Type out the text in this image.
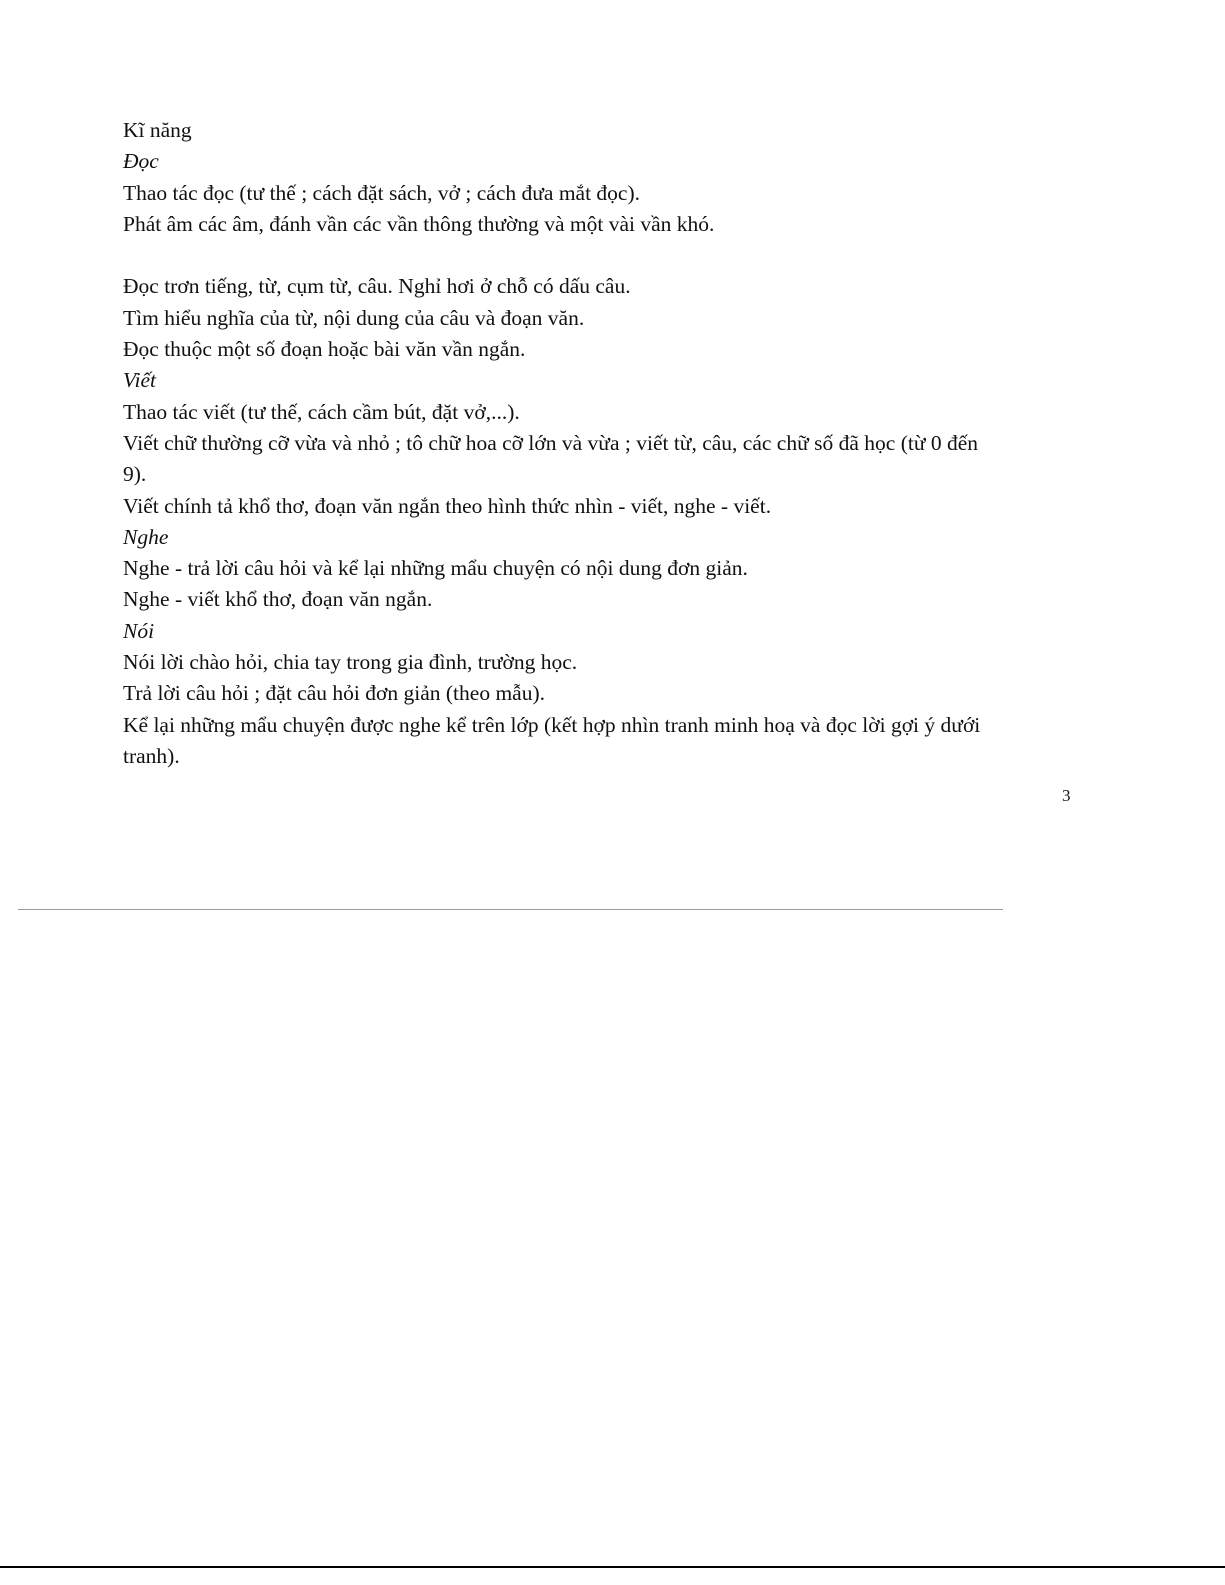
Kĩ năng
Đọc
Thao tác đọc (tư thế ; cách đặt sách, vở ; cách đưa mắt đọc).
Phát âm các âm, đánh vần các vần thông thường và một vài vần khó.
Đọc trơn tiếng, từ, cụm từ, câu. Nghỉ hơi ở chỗ có dấu câu.
Tìm hiểu nghĩa của từ, nội dung của câu và đoạn văn.
Đọc thuộc một số đoạn hoặc bài văn vần ngắn.
Viết
Thao tác viết (tư thế, cách cầm bút, đặt vở,...).
Viết chữ thường cỡ vừa và nhỏ ; tô chữ hoa cỡ lớn và vừa ; viết từ, câu, các chữ số đã học (từ 0 đến
9).
Viết chính tả khổ thơ, đoạn văn ngắn theo hình thức nhìn - viết, nghe - viết.
Nghe
Nghe - trả lời câu hỏi và kể lại những mẩu chuyện có nội dung đơn giản.
Nghe - viết khổ thơ, đoạn văn ngắn.
Nói
Nói lời chào hỏi, chia tay trong gia đình, trường học.
Trả lời câu hỏi ; đặt câu hỏi đơn giản (theo mẫu).
Kể lại những mẩu chuyện được nghe kể trên lớp (kết hợp nhìn tranh minh hoạ và đọc lời gợi ý dưới
tranh).
3
